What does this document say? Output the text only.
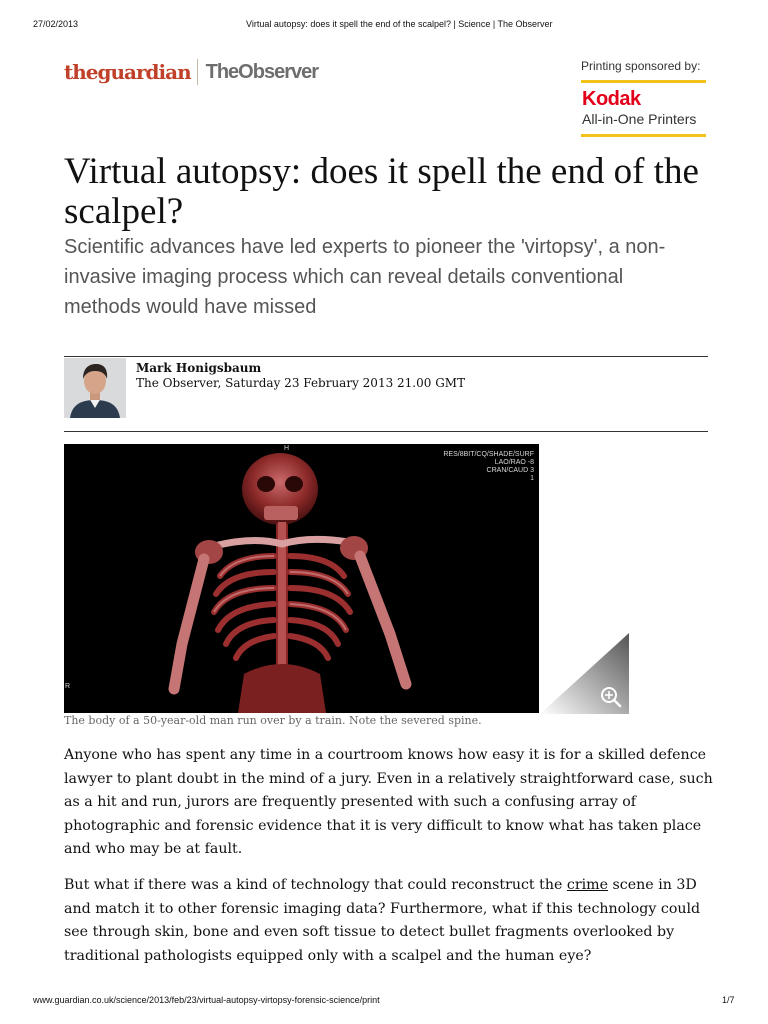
27/02/2013	Virtual autopsy: does it spell the end of the scalpel? | Science | The Observer
theguardian TheObserver	Printing sponsored by:
Kodak
All-in-One Printers
Virtual autopsy: does it spell the end of the scalpel?

Scientific advances have led experts to pioneer the 'virtopsy', a non-invasive imaging process which can reveal details conventional methods would have missed

Mark Honigsbaum
The Observer, Saturday 23 February 2013 21.00 GMT
H
RES/8BIT/CQ/SHADE/SURF
LAO/RAO -8
CRAN/CAUD 3
1
R
The body of a 50-year-old man run over by a train. Note the severed spine.

Anyone who has spent any time in a courtroom knows how easy it is for a skilled defence lawyer to plant doubt in the mind of a jury. Even in a relatively straightforward case, such as a hit and run, jurors are frequently presented with such a confusing array of photographic and forensic evidence that it is very difficult to know what has taken place and who may be at fault.

But what if there was a kind of technology that could reconstruct the crime scene in 3D and match it to other forensic imaging data? Furthermore, what if this technology could see through skin, bone and even soft tissue to detect bullet fragments overlooked by traditional pathologists equipped only with a scalpel and the human eye?

www.guardian.co.uk/science/2013/feb/23/virtual-autopsy-virtopsy-forensic-science/print	1/7
